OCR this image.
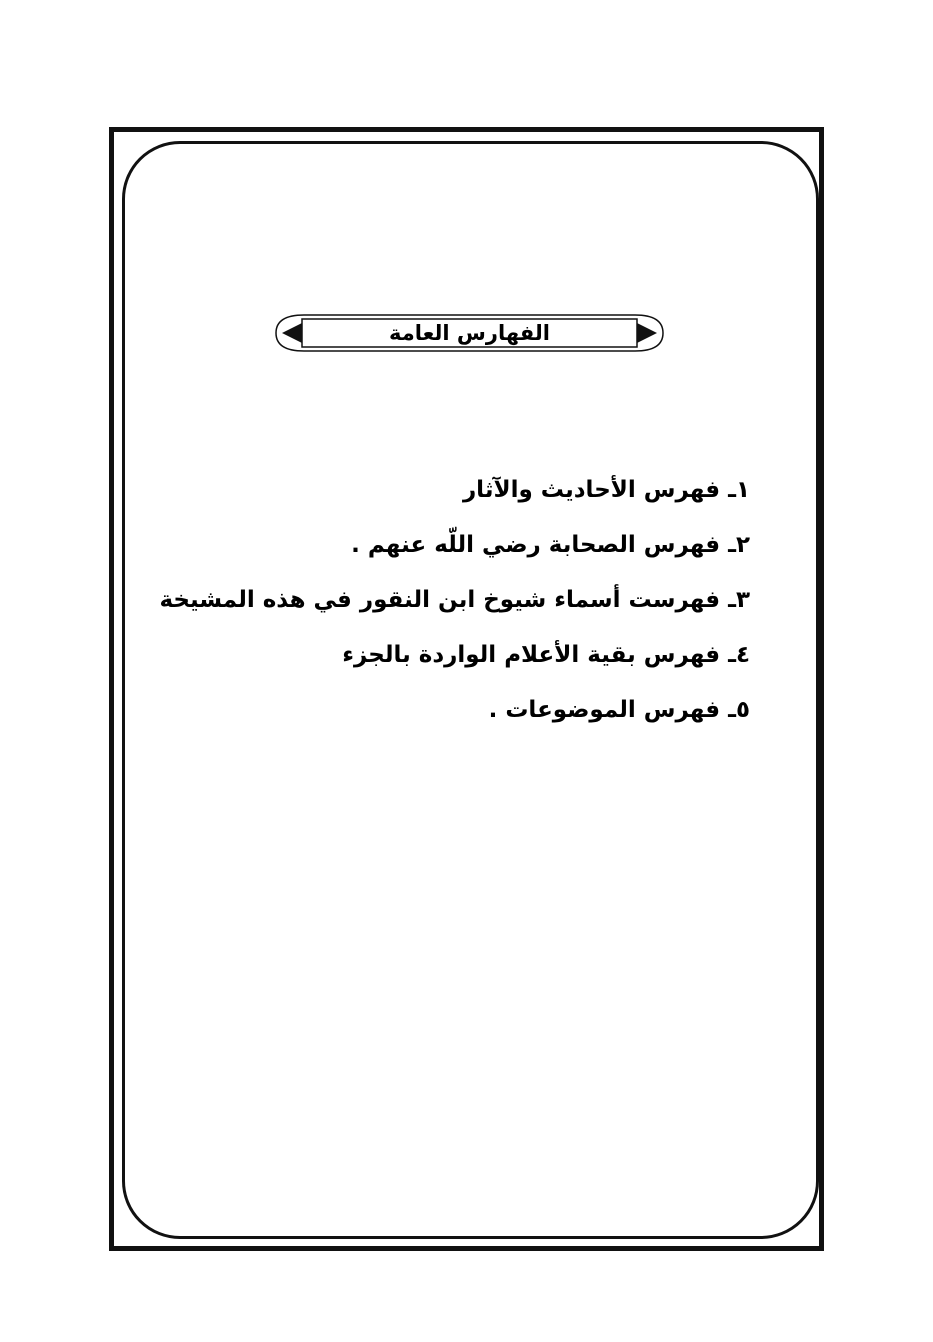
الفهارس العامة
١ـ فهرس الأحاديث والآثار
٢ـ فهرس الصحابة رضي اللّه عنهم .
٣ـ فهرست أسماء شيوخ ابن النقور في هذه المشيخة
٤ـ فهرس بقية الأعلام الواردة بالجزء
٥ـ فهرس الموضوعات .
